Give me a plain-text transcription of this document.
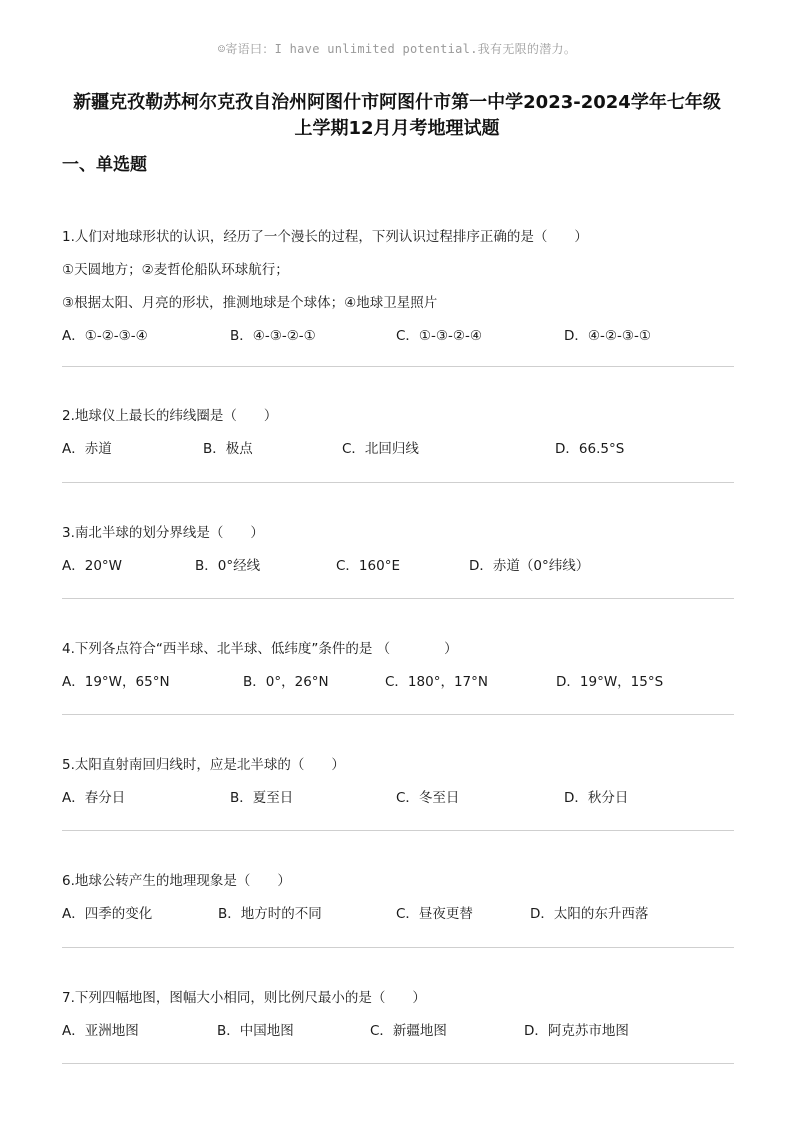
☺寄语曰：I have unlimited potential.我有无限的潜力。
新疆克孜勒苏柯尔克孜自治州阿图什市阿图什市第一中学2023-2024学年七年级
上学期12月月考地理试题
一、单选题

1.人们对地球形状的认识，经历了一个漫长的过程，下列认识过程排序正确的是（　　）

①天圆地方；②麦哲伦船队环球航行；
③根据太阳、月亮的形状，推测地球是个球体；④地球卫星照片
A．①-②-③-④	B．④-③-②-①	C．①-③-②-④	D．④-②-③-①

2.地球仪上最长的纬线圈是（　　）

A．赤道	B．极点	C．北回归线	D．66.5°S

3.南北半球的划分界线是（　　）

A．20°W	B．0°经线	C．160°E	D．赤道（0°纬线）

4.下列各点符合“西半球、北半球、低纬度”条件的是 （　　　　）

A．19°W，65°N	B．0°，26°N	C．180°，17°N	D．19°W，15°S

5.太阳直射南回归线时，应是北半球的（　　）

A．春分日	B．夏至日	C．冬至日	D．秋分日

6.地球公转产生的地理现象是（　　）

A．四季的变化	B．地方时的不同	C．昼夜更替	D．太阳的东升西落

7.下列四幅地图，图幅大小相同，则比例尺最小的是（　　）

A．亚洲地图	B．中国地图	C．新疆地图	D．阿克苏市地图
